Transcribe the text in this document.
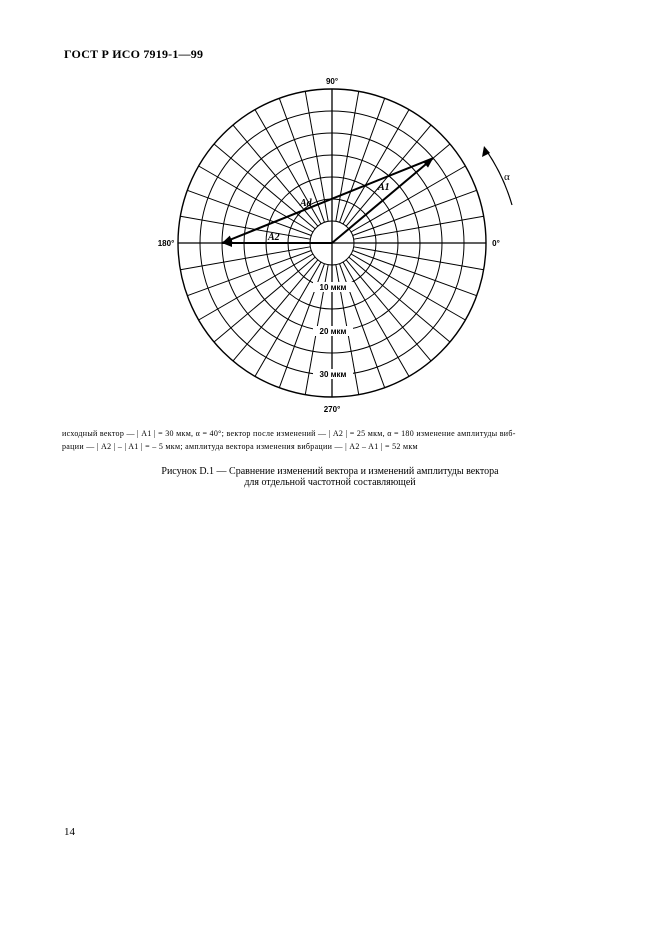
ГОСТ Р ИСО 7919-1—99
A1
Ad
A2
90°
270°
180°	0°
10 мкм
20 мкм
30 мкм
α
исходный вектор — | A1 | = 30 мкм, α = 40°; вектор после изменений — | A2 | = 25 мкм, α = 180 изменение амплитуды виб-
рации — | A2 | – | A1 | = – 5 мкм; амплитуда вектора изменения вибрации — | A2 – A1 | = 52 мкм
Рисунок D.1 — Сравнение изменений вектора и изменений амплитуды вектора
для отдельной частотной составляющей
14
